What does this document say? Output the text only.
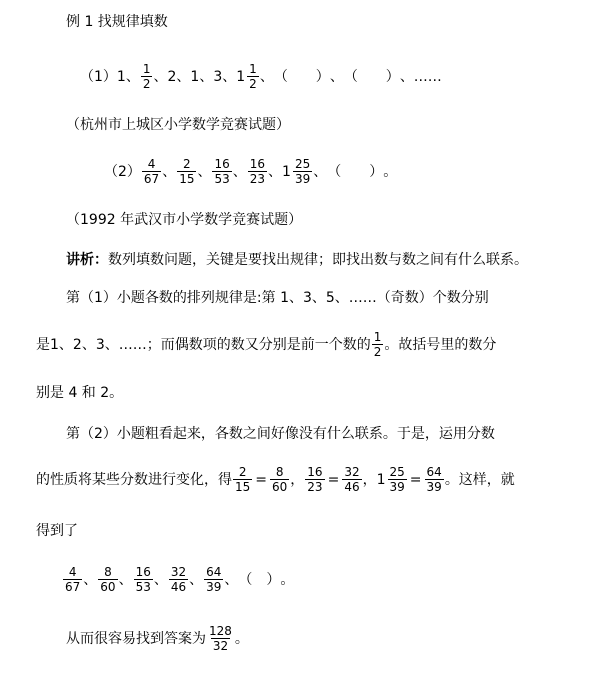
例 1 找规律填数
（1） 1 、 $\frac{1}{2}$ 、 2 、 1 、 3 、 $1 \frac{1}{2}$ 、 （　　） 、 （　　） 、……
（杭州市上城区小学数学竞赛试题）
$(2) \frac{4}{67}$ 、 $\frac{2}{15}$ 、 $\frac{16}{53}$ 、 $\frac{16}{23}$ 、 $1 \frac{25}{39}$ 、 （　　） 。
（1992 年武汉市小学数学竞赛试题）
讲析： 数列填数问题，关键是要找出规律；即找出数与数之间有什么联系。
第（1）小题各数的排列规律是:第 1、3、5、……（奇数）个数分别
是1、2、3、……；而偶数项的数又分别是前一个数的 $\frac{1}{2}$ 。故括号里的数分
别是 4 和 2。
第（2）小题粗看起来，各数之间好像没有什么联系。于是，运用分数
的性质将某些分数进行变化，得 $\frac{2}{15} = \frac{8}{60}$ ， $\frac{16}{23} = \frac{32}{46}$ ， $1 \frac{25}{39} = \frac{64}{39}$ 。这样，就
得到了
$\frac{4}{67}$ 、 $\frac{8}{60}$ 、 $\frac{16}{53}$ 、 $\frac{32}{46}$ 、 $\frac{64}{39}$ 、 （　） 。
从而很容易找到答案为 $\frac{128}{32}$ 。
